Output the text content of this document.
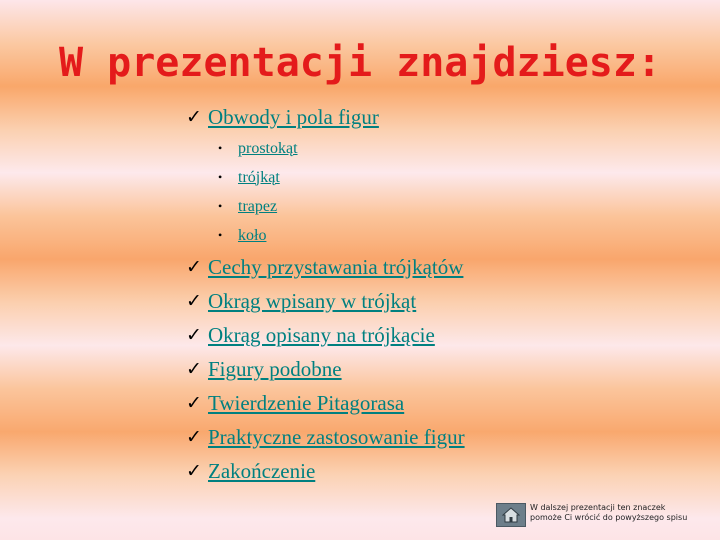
W prezentacji znajdziesz:
✓ Obwody i pola figur
• prostokąt
• trójkąt
• trapez
• koło
✓ Cechy przystawania trójkątów
✓ Okrąg wpisany w trójkąt
✓ Okrąg opisany na trójkącie
✓ Figury podobne
✓ Twierdzenie Pitagorasa
✓ Praktyczne zastosowanie figur
✓ Zakończenie
W dalszej prezentacji ten znaczek
pomoże Ci wrócić do powyższego spisu
